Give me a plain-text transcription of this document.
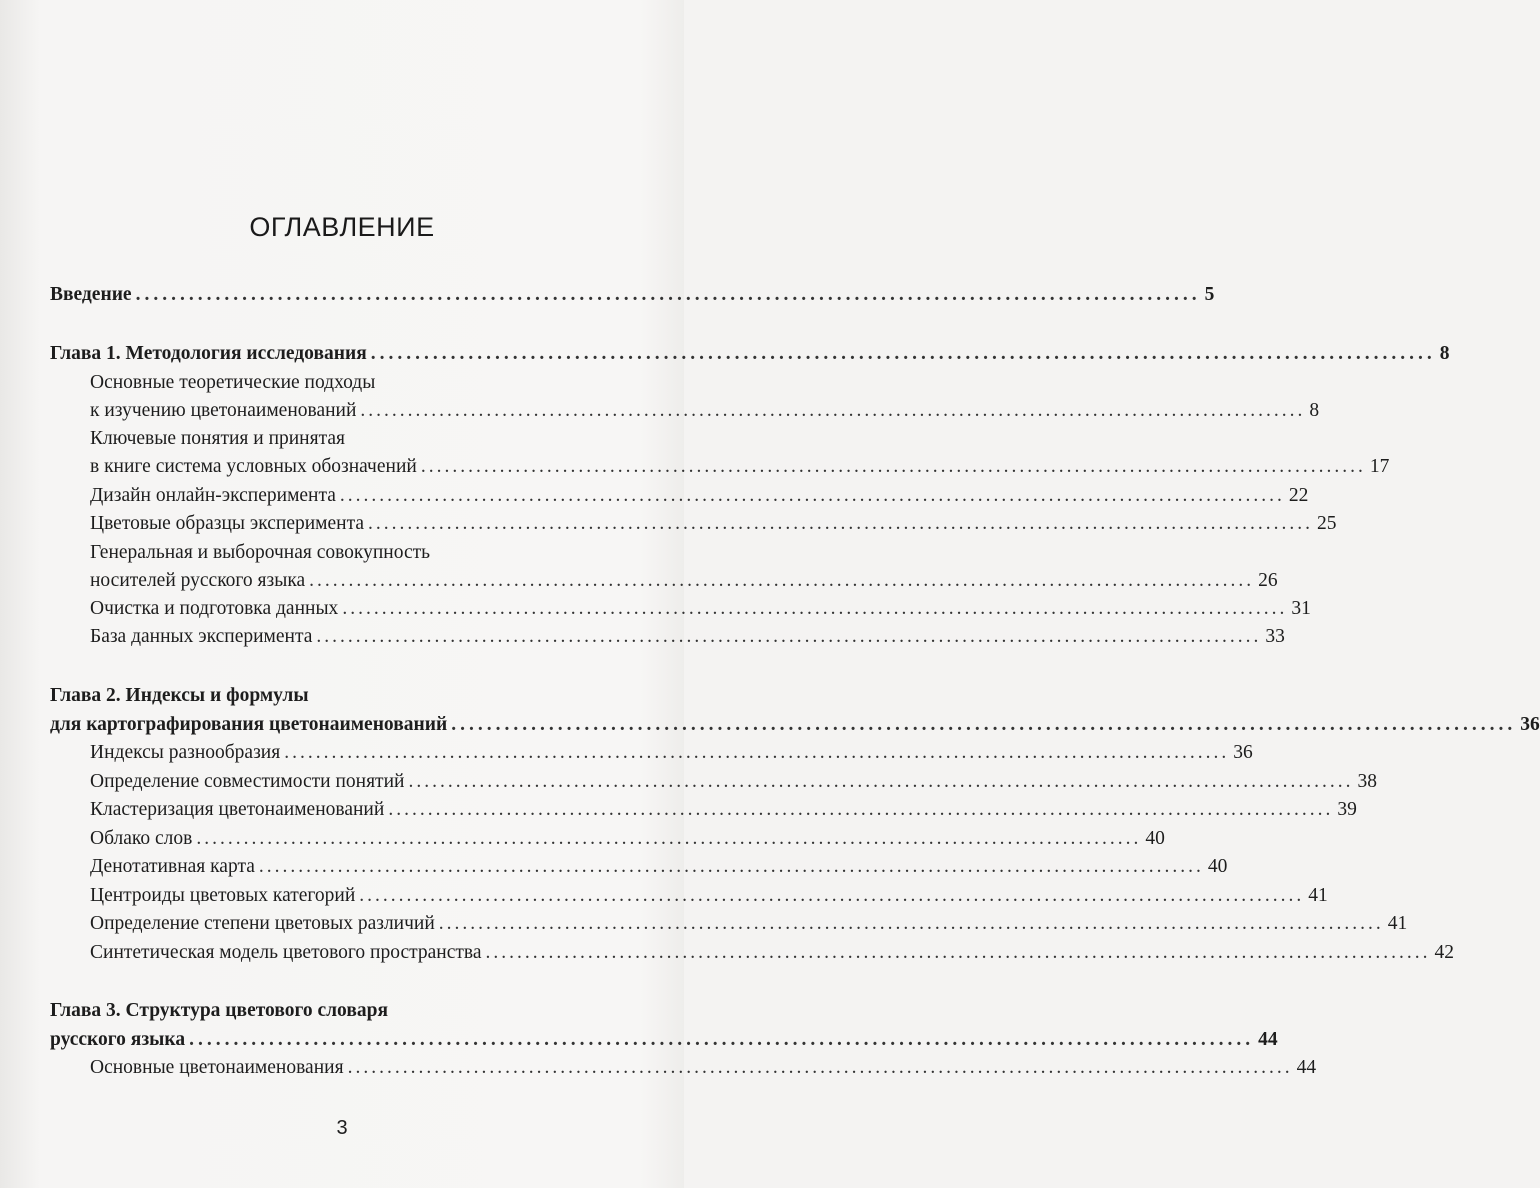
ОГЛАВЛЕНИЕ
Введение ........................................................................................................................ 5
Глава 1. Методология исследования ........................................................................................................................ 8
Основные теоретические подходы
к изучению цветонаименований ........................................................................................................................ 8
Ключевые понятия и принятая
в книге система условных обозначений ........................................................................................................................ 17
Дизайн онлайн-эксперимента ........................................................................................................................ 22
Цветовые образцы эксперимента ........................................................................................................................ 25
Генеральная и выборочная совокупность
носителей русского языка ........................................................................................................................ 26
Очистка и подготовка данных ........................................................................................................................ 31
База данных эксперимента ........................................................................................................................ 33
Глава 2. Индексы и формулы
для картографирования цветонаименований ........................................................................................................................ 36
Индексы разнообразия ........................................................................................................................ 36
Определение совместимости понятий ........................................................................................................................ 38
Кластеризация цветонаименований ........................................................................................................................ 39
Облако слов ........................................................................................................................ 40
Денотативная карта ........................................................................................................................ 40
Центроиды цветовых категорий ........................................................................................................................ 41
Определение степени цветовых различий ........................................................................................................................ 41
Синтетическая модель цветового пространства ........................................................................................................................ 42
Глава 3. Структура цветового словаря
русского языка ........................................................................................................................ 44
Основные цветонаименования ........................................................................................................................ 44
3
